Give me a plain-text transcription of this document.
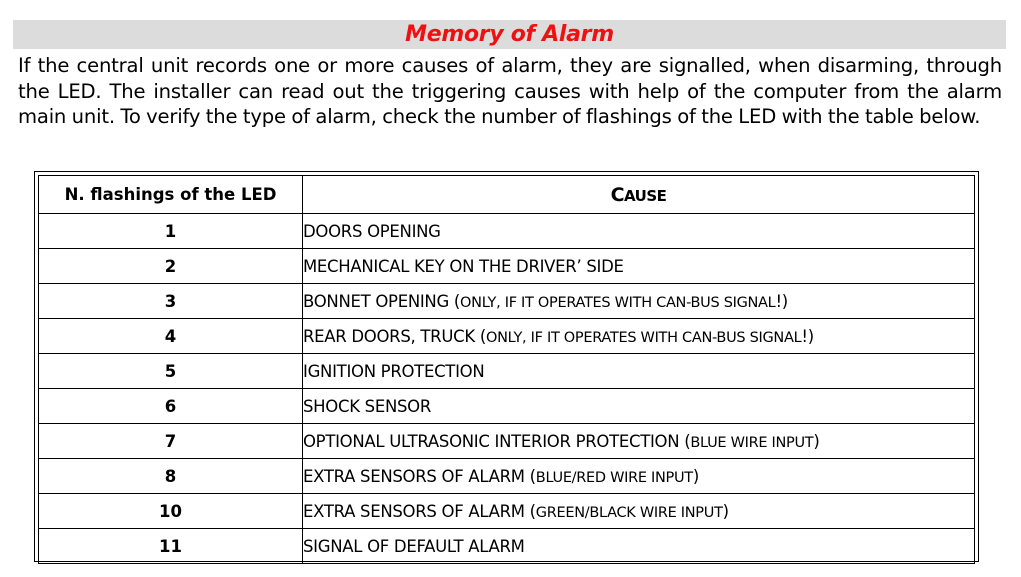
Memory of Alarm

If the central unit records one or more causes of alarm, they are signalled, when disarming, through the LED. The installer can read out the triggering causes with help of the computer from the alarm main unit. To verify the type of alarm, check the number of flashings of the LED with the table below.

N. flashings of the LED	CAUSE
1	DOORS OPENING
2	MECHANICAL KEY ON THE DRIVER’ SIDE
3	BONNET OPENING (ONLY, IF IT OPERATES WITH CAN-BUS SIGNAL!)
4	REAR DOORS, TRUCK (ONLY, IF IT OPERATES WITH CAN-BUS SIGNAL!)
5	IGNITION PROTECTION
6	SHOCK SENSOR
7	OPTIONAL ULTRASONIC INTERIOR PROTECTION (BLUE WIRE INPUT)
8	EXTRA SENSORS OF ALARM (BLUE/RED WIRE INPUT)
10	EXTRA SENSORS OF ALARM (GREEN/BLACK WIRE INPUT)
11	SIGNAL OF DEFAULT ALARM
